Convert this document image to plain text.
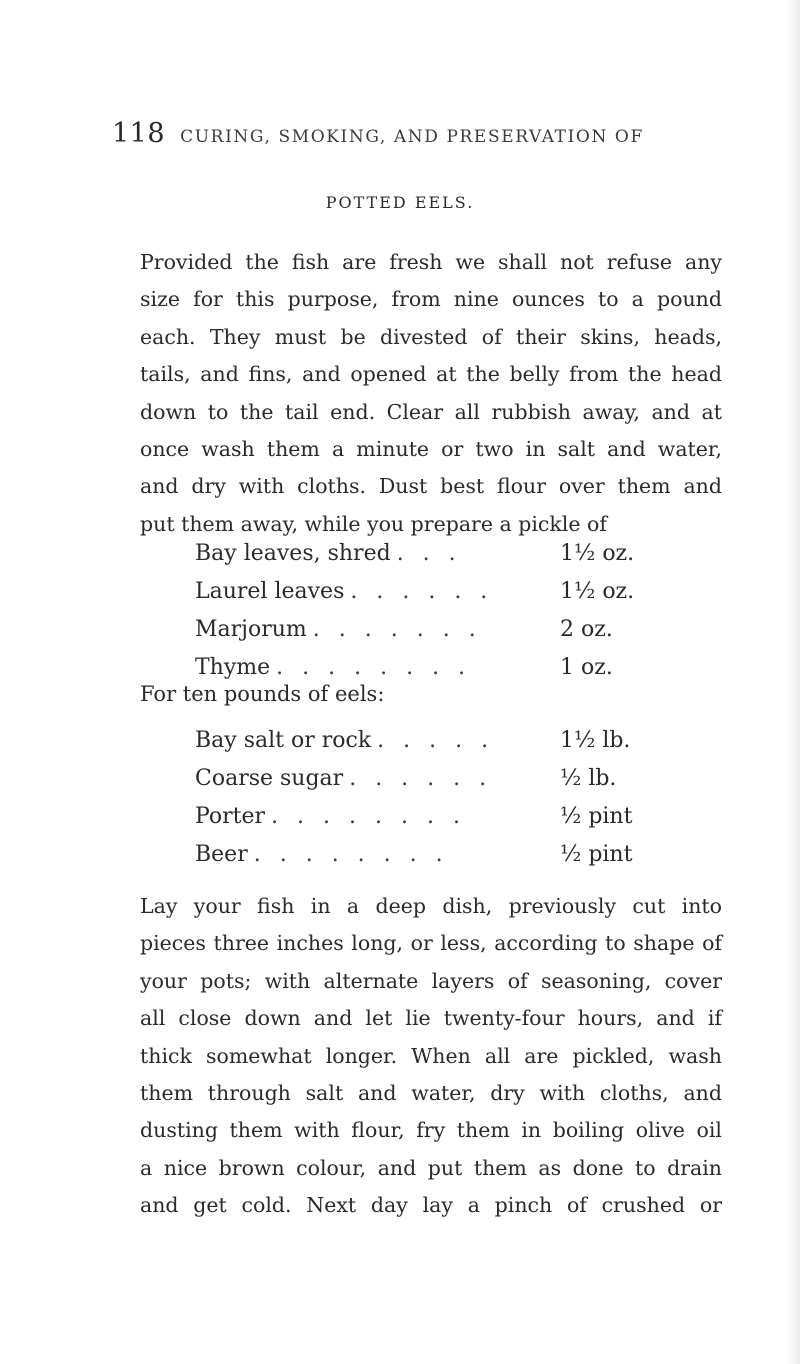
118 CURING, SMOKING, AND PRESERVATION OF
POTTED EELS.

Provided the fish are fresh we shall not refuse any
size for this purpose, from nine ounces to a pound
each. They must be divested of their skins, heads,
tails, and fins, and opened at the belly from the head
down to the tail end. Clear all rubbish away, and at
once wash them a minute or two in salt and water,
and dry with cloths. Dust best flour over them and
put them away, while you prepare a pickle of

Bay leaves, shred . . .	1½ oz.
Laurel leaves . . . . . .	1½ oz.
Marjorum . . . . . . .	2 oz.
Thyme . . . . . . . .	1 oz.
For ten pounds of eels:
Bay salt or rock . . . . .	1½ lb.
Coarse sugar . . . . . .	½ lb.
Porter . . . . . . . .	½ pint
Beer . . . . . . . .	½ pint

Lay your fish in a deep dish, previously cut into
pieces three inches long, or less, according to shape of
your pots; with alternate layers of seasoning, cover
all close down and let lie twenty-four hours, and if
thick somewhat longer. When all are pickled, wash
them through salt and water, dry with cloths, and
dusting them with flour, fry them in boiling olive oil
a nice brown colour, and put them as done to drain
and get cold. Next day lay a pinch of crushed or
